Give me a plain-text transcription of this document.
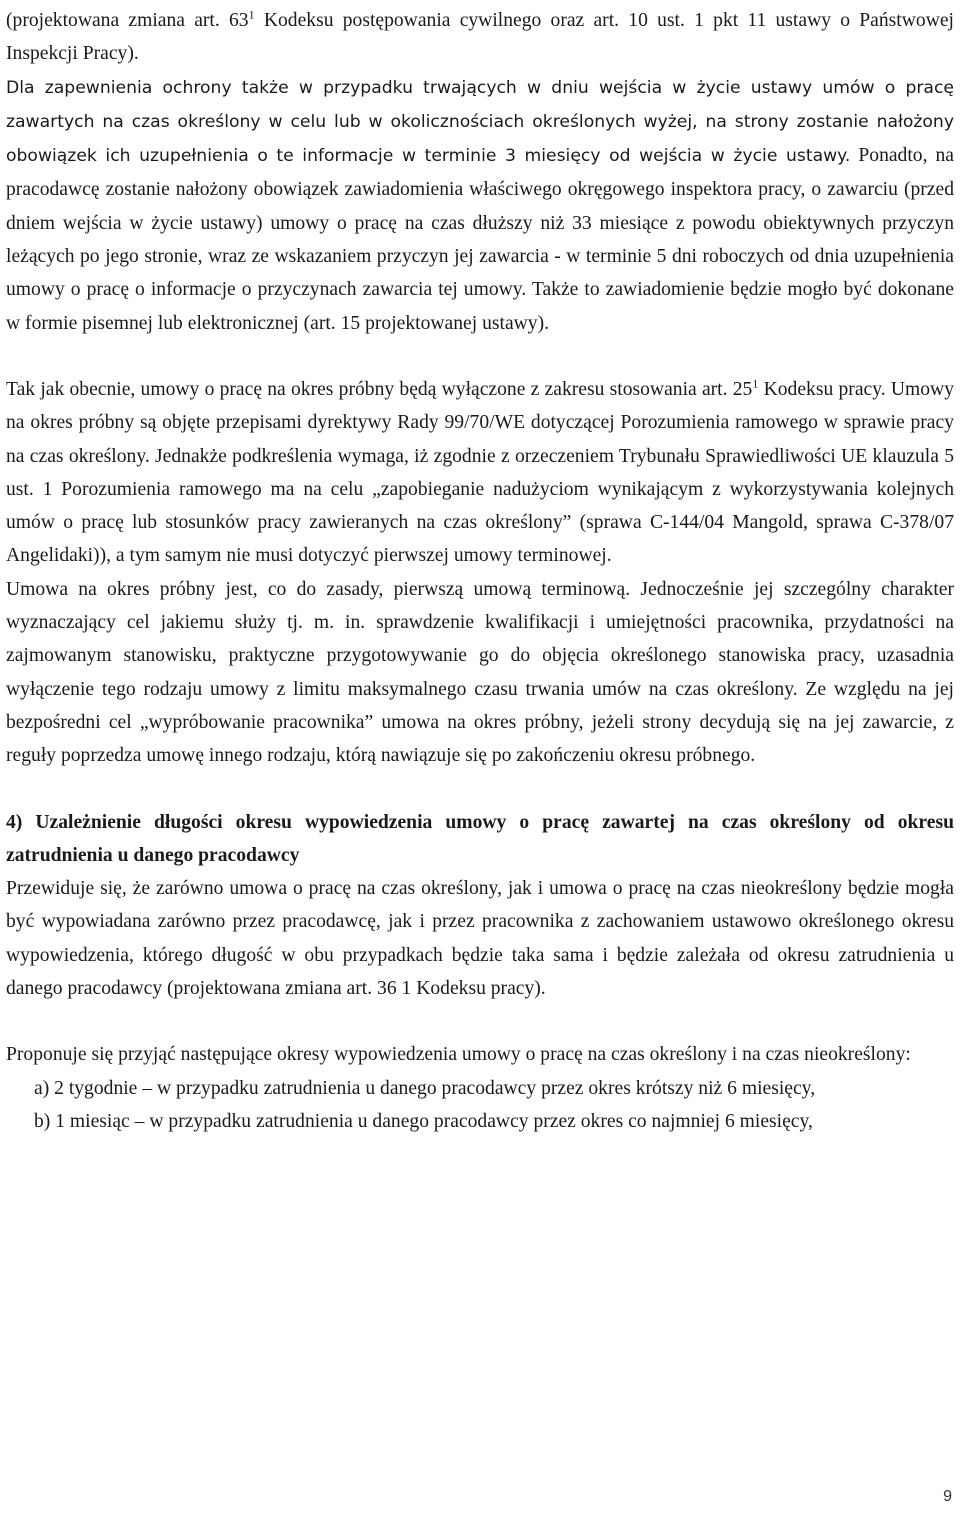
(projektowana zmiana art. $63^1$ Kodeksu postępowania cywilnego oraz art. 10 ust. 1 pkt 11 ustawy o Państwowej Inspekcji Pracy).

Dla zapewnienia ochrony także w przypadku trwających w dniu wejścia w życie ustawy umów o pracę zawartych na czas określony w celu lub w okolicznościach określonych wyżej, na strony zostanie nałożony obowiązek ich uzupełnienia o te informacje w terminie 3 miesięcy od wejścia w życie ustawy. Ponadto, na pracodawcę zostanie nałożony obowiązek zawiadomienia właściwego okręgowego inspektora pracy, o zawarciu (przed dniem wejścia w życie ustawy) umowy o pracę na czas dłuższy niż 33 miesiące z powodu obiektywnych przyczyn leżących po jego stronie, wraz ze wskazaniem przyczyn jej zawarcia - w terminie 5 dni roboczych od dnia uzupełnienia umowy o pracę o informacje o przyczynach zawarcia tej umowy. Także to zawiadomienie będzie mogło być dokonane w formie pisemnej lub elektronicznej (art. 15 projektowanej ustawy).

Tak jak obecnie, umowy o pracę na okres próbny będą wyłączone z zakresu stosowania art. $25^1$ Kodeksu pracy. Umowy na okres próbny są objęte przepisami dyrektywy Rady 99/70/WE dotyczącej Porozumienia ramowego w sprawie pracy na czas określony. Jednakże podkreślenia wymaga, iż zgodnie z orzeczeniem Trybunału Sprawiedliwości UE klauzula 5 ust. 1 Porozumienia ramowego ma na celu „zapobieganie nadużyciom wynikającym z wykorzystywania kolejnych umów o pracę lub stosunków pracy zawieranych na czas określony” (sprawa C-144/04 Mangold, sprawa C-378/07 Angelidaki)), a tym samym nie musi dotyczyć pierwszej umowy terminowej.

Umowa na okres próbny jest, co do zasady, pierwszą umową terminową. Jednocześnie jej szczególny charakter wyznaczający cel jakiemu służy tj. m. in. sprawdzenie kwalifikacji i umiejętności pracownika, przydatności na zajmowanym stanowisku, praktyczne przygotowywanie go do objęcia określonego stanowiska pracy, uzasadnia wyłączenie tego rodzaju umowy z limitu maksymalnego czasu trwania umów na czas określony. Ze względu na jej bezpośredni cel „wypróbowanie pracownika” umowa na okres próbny, jeżeli strony decydują się na jej zawarcie, z reguły poprzedza umowę innego rodzaju, którą nawiązuje się po zakończeniu okresu próbnego.

4) Uzależnienie długości okresu wypowiedzenia umowy o pracę zawartej na czas określony od okresu zatrudnienia u danego pracodawcy

Przewiduje się, że zarówno umowa o pracę na czas określony, jak i umowa o pracę na czas nieokreślony będzie mogła być wypowiadana zarówno przez pracodawcę, jak i przez pracownika z zachowaniem ustawowo określonego okresu wypowiedzenia, którego długość w obu przypadkach będzie taka sama i będzie zależała od okresu zatrudnienia u danego pracodawcy (projektowana zmiana art. 36 1 Kodeksu pracy).

Proponuje się przyjąć następujące okresy wypowiedzenia umowy o pracę na czas określony i na czas nieokreślony:

a) 2 tygodnie – w przypadku zatrudnienia u danego pracodawcy przez okres krótszy niż 6 miesięcy,

b) 1 miesiąc – w przypadku zatrudnienia u danego pracodawcy przez okres co najmniej 6 miesięcy,

9
